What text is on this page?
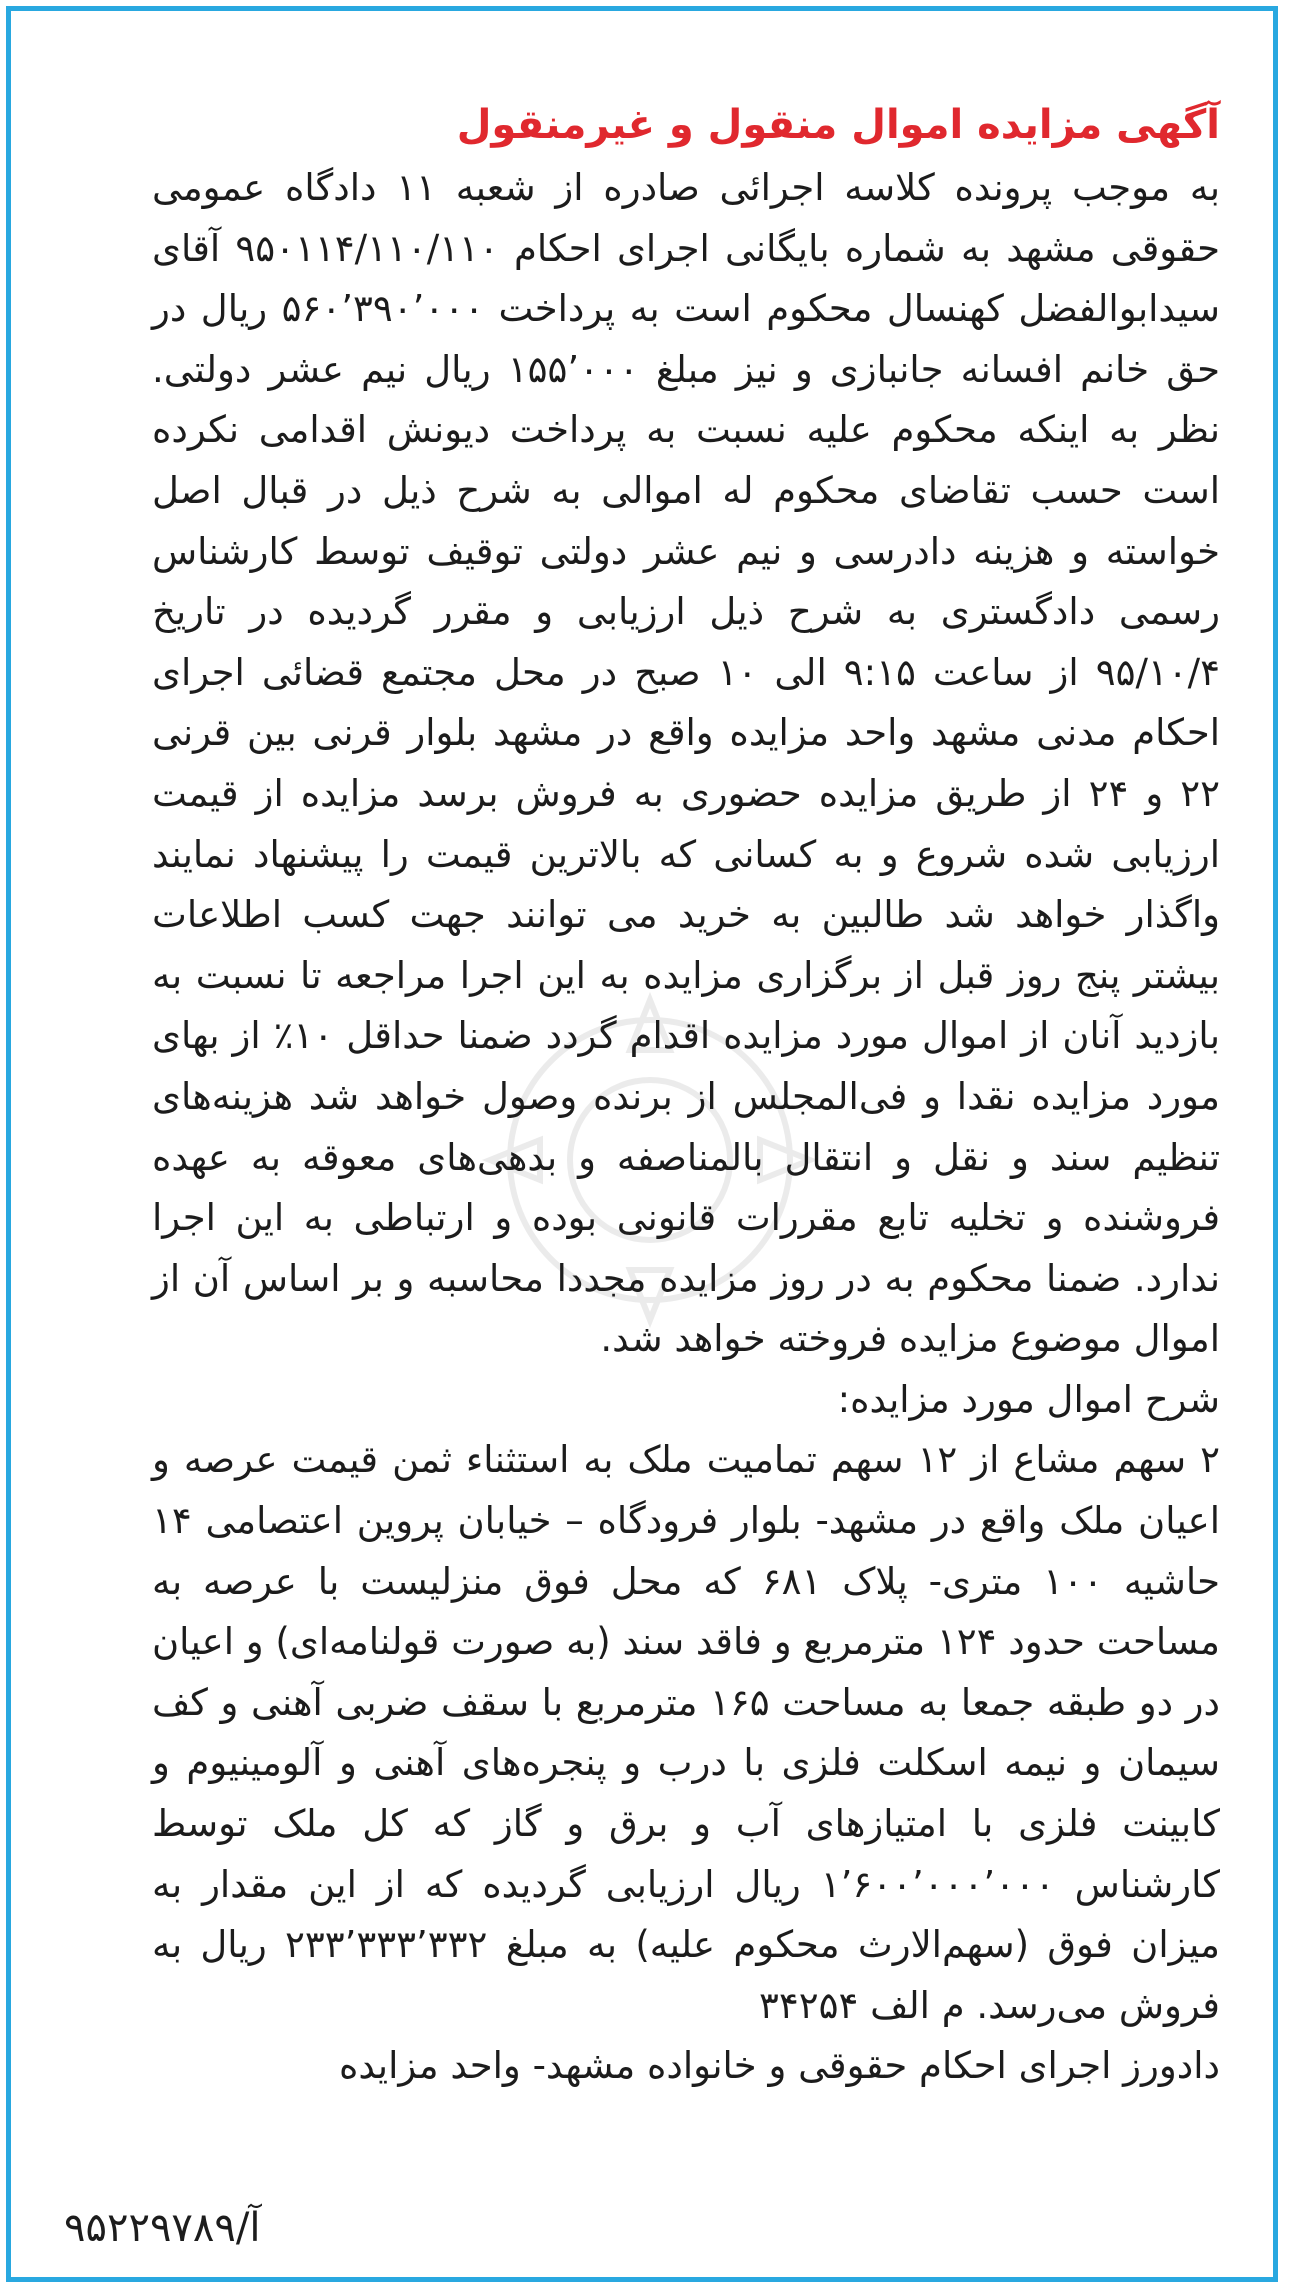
آگهی مزایده اموال منقول و غیرمنقول

به موجب پرونده کلاسه اجرائی صادره از شعبه ۱۱ دادگاه عمومی حقوقی مشهد به شماره بایگانی اجرای احکام ۹۵۰۱۱۴/۱۱۰/۱۱۰ آقای سیدابوالفضل کهنسال محکوم است به پرداخت ۵۶۰٬۳۹۰٬۰۰۰ ریال در حق خانم افسانه جانبازی و نیز مبلغ ۱۵۵٬۰۰۰ ریال نیم عشر دولتی. نظر به اینکه محکوم علیه نسبت به پرداخت دیونش اقدامی نکرده است حسب تقاضای محکوم له اموالی به شرح ذیل در قبال اصل خواسته و هزینه دادرسی و نیم عشر دولتی توقیف توسط کارشناس رسمی دادگستری به شرح ذیل ارزیابی و مقرر گردیده در تاریخ ۹۵/۱۰/۴ از ساعت ۹:۱۵ الی ۱۰ صبح در محل مجتمع قضائی اجرای احکام مدنی مشهد واحد مزایده واقع در مشهد بلوار قرنی بین قرنی ۲۲ و ۲۴ از طریق مزایده حضوری به فروش برسد مزایده از قیمت ارزیابی شده شروع و به کسانی که بالاترین قیمت را پیشنهاد نمایند واگذار خواهد شد طالبین به خرید می توانند جهت کسب اطلاعات بیشتر پنج روز قبل از برگزاری مزایده به این اجرا مراجعه تا نسبت به بازدید آنان از اموال مورد مزایده اقدام گردد ضمنا حداقل ۱۰٪ از بهای مورد مزایده نقدا و فی‌المجلس از برنده وصول خواهد شد هزینه‌های تنظیم سند و نقل و انتقال بالمناصفه و بدهی‌های معوقه به عهده فروشنده و تخلیه تابع مقررات قانونی بوده و ارتباطی به این اجرا ندارد. ضمنا محکوم به در روز مزایده مجددا محاسبه و بر اساس آن از اموال موضوع مزایده فروخته خواهد شد.

شرح اموال مورد مزایده:

۲ سهم مشاع از ۱۲ سهم تمامیت ملک به استثناء ثمن قیمت عرصه و اعیان ملک واقع در مشهد- بلوار فرودگاه – خیابان پروین اعتصامی ۱۴ حاشیه ۱۰۰ متری- پلاک ۶۸۱ که محل فوق منزلیست با عرصه به مساحت حدود ۱۲۴ مترمربع و فاقد سند (به صورت قولنامه‌ای) و اعیان در دو طبقه جمعا به مساحت ۱۶۵ مترمربع با سقف ضربی آهنی و کف سیمان و نیمه اسکلت فلزی با درب و پنجره‌های آهنی و آلومینیوم و کابینت فلزی با امتیازهای آب و برق و گاز که کل ملک توسط کارشناس ۱٬۶۰۰٬۰۰۰٬۰۰۰ ریال ارزیابی گردیده که از این مقدار به میزان فوق (سهم‌الارث محکوم علیه) به مبلغ ۲۳۳٬۳۳۳٬۳۳۲ ریال به فروش می‌رسد. م الف ۳۴۲۵۴

دادورز اجرای احکام حقوقی و خانواده مشهد- واحد مزایده

آ/۹۵۲۲۹۷۸۹
